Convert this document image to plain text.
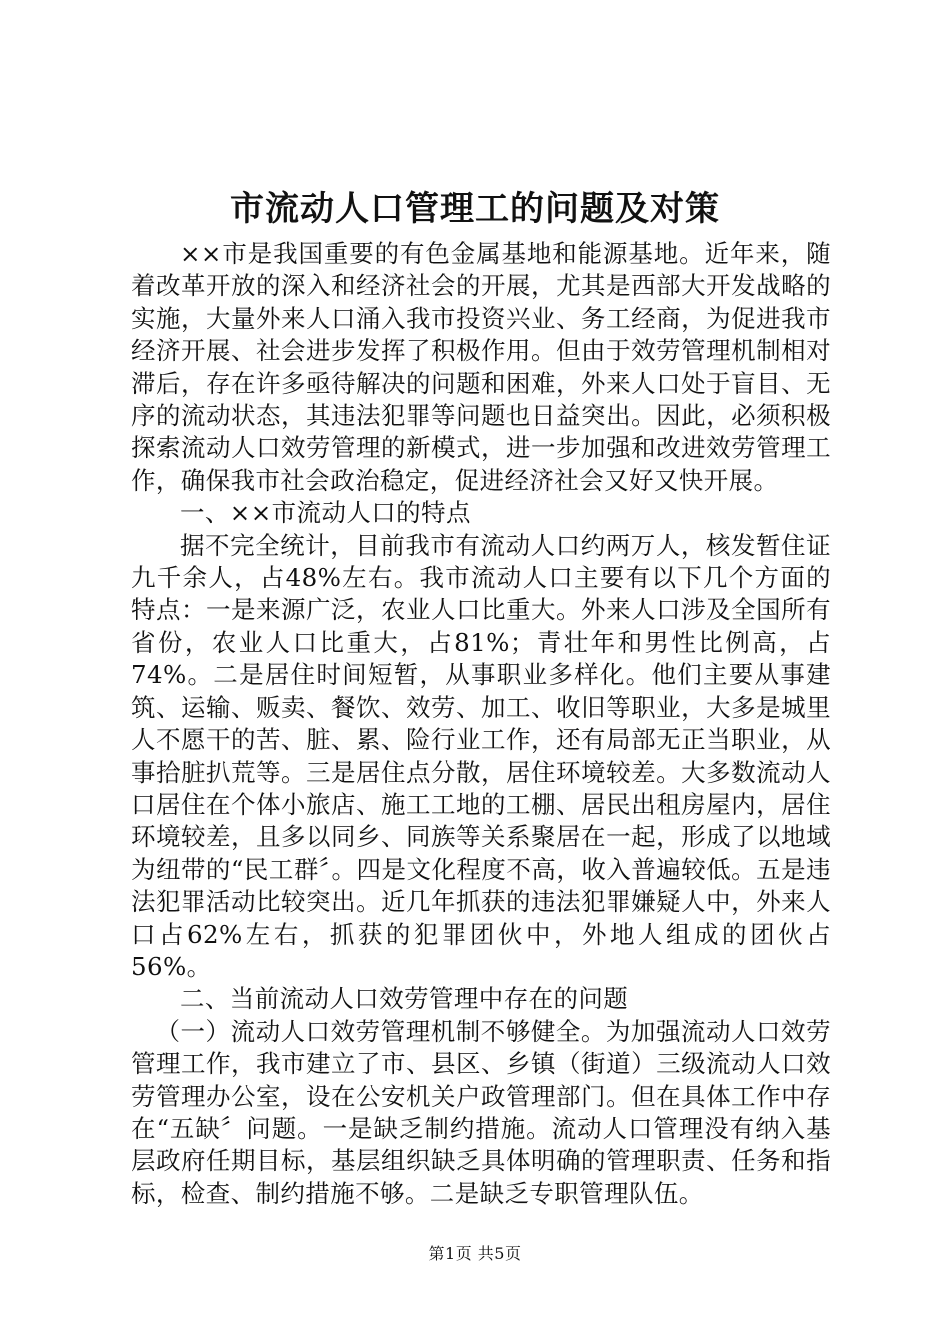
市流动人口管理工的问题及对策

××市是我国重要的有色金属基地和能源基地。近年来，随着改革开放的深入和经济社会的开展，尤其是西部大开发战略的实施，大量外来人口涌入我市投资兴业、务工经商，为促进我市经济开展、社会进步发挥了积极作用。但由于效劳管理机制相对滞后，存在许多亟待解决的问题和困难，外来人口处于盲目、无序的流动状态，其违法犯罪等问题也日益突出。因此，必须积极探索流动人口效劳管理的新模式，进一步加强和改进效劳管理工作，确保我市社会政治稳定，促进经济社会又好又快开展。

一、××市流动人口的特点

据不完全统计，目前我市有流动人口约两万人，核发暂住证九千余人，占48%左右。我市流动人口主要有以下几个方面的特点：一是来源广泛，农业人口比重大。外来人口涉及全国所有省份，农业人口比重大，占81%；青壮年和男性比例高，占74%。二是居住时间短暂，从事职业多样化。他们主要从事建筑、运输、贩卖、餐饮、效劳、加工、收旧等职业，大多是城里人不愿干的苦、脏、累、险行业工作，还有局部无正当职业，从事拾脏扒荒等。三是居住点分散，居住环境较差。大多数流动人口居住在个体小旅店、施工工地的工棚、居民出租房屋内，居住环境较差，且多以同乡、同族等关系聚居在一起，形成了以地域为纽带的“民工群〞。四是文化程度不高，收入普遍较低。五是违法犯罪活动比较突出。近几年抓获的违法犯罪嫌疑人中，外来人口占62%左右，抓获的犯罪团伙中，外地人组成的团伙占56%。

二、当前流动人口效劳管理中存在的问题

（一）流动人口效劳管理机制不够健全。为加强流动人口效劳管理工作，我市建立了市、县区、乡镇（街道）三级流动人口效劳管理办公室，设在公安机关户政管理部门。但在具体工作中存在“五缺〞问题。一是缺乏制约措施。流动人口管理没有纳入基层政府任期目标，基层组织缺乏具体明确的管理职责、任务和指标，检查、制约措施不够。二是缺乏专职管理队伍。

第1页 共5页
